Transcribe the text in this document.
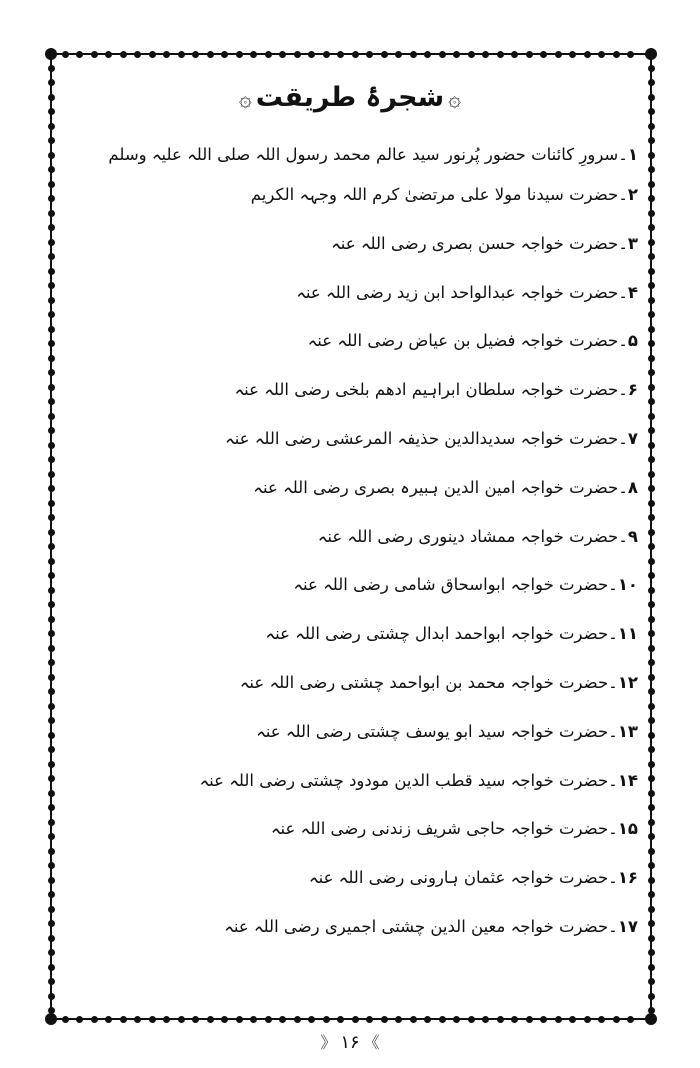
۞شجرۂ طریقت۞
۱۔سرورِ کائنات حضور پُرنور سید عالم محمد رسول اللہ صلی اللہ علیہ وسلم
۲۔حضرت سیدنا مولا علی مرتضیٰ کرم اللہ وجہہ الکریم
۳۔حضرت خواجہ حسن بصری رضی اللہ عنہ
۴۔حضرت خواجہ عبدالواحد ابن زید رضی اللہ عنہ
۵۔حضرت خواجہ فضیل بن عیاض رضی اللہ عنہ
۶۔حضرت خواجہ سلطان ابراہیم ادھم بلخی رضی اللہ عنہ
۷۔حضرت خواجہ سدیدالدین حذیفہ المرعشی رضی اللہ عنہ
۸۔حضرت خواجہ امین الدین ہبیرہ بصری رضی اللہ عنہ
۹۔حضرت خواجہ ممشاد دینوری رضی اللہ عنہ
۱۰۔حضرت خواجہ ابواسحاق شامی رضی اللہ عنہ
۱۱۔حضرت خواجہ ابواحمد ابدال چشتی رضی اللہ عنہ
۱۲۔حضرت خواجہ محمد بن ابواحمد چشتی رضی اللہ عنہ
۱۳۔حضرت خواجہ سید ابو یوسف چشتی رضی اللہ عنہ
۱۴۔حضرت خواجہ سید قطب الدین مودود چشتی رضی اللہ عنہ
۱۵۔حضرت خواجہ حاجی شریف زندنی رضی اللہ عنہ
۱۶۔حضرت خواجہ عثمان ہارونی رضی اللہ عنہ
۱۷۔حضرت خواجہ معین الدین چشتی اجمیری رضی اللہ عنہ
》۱۶《
